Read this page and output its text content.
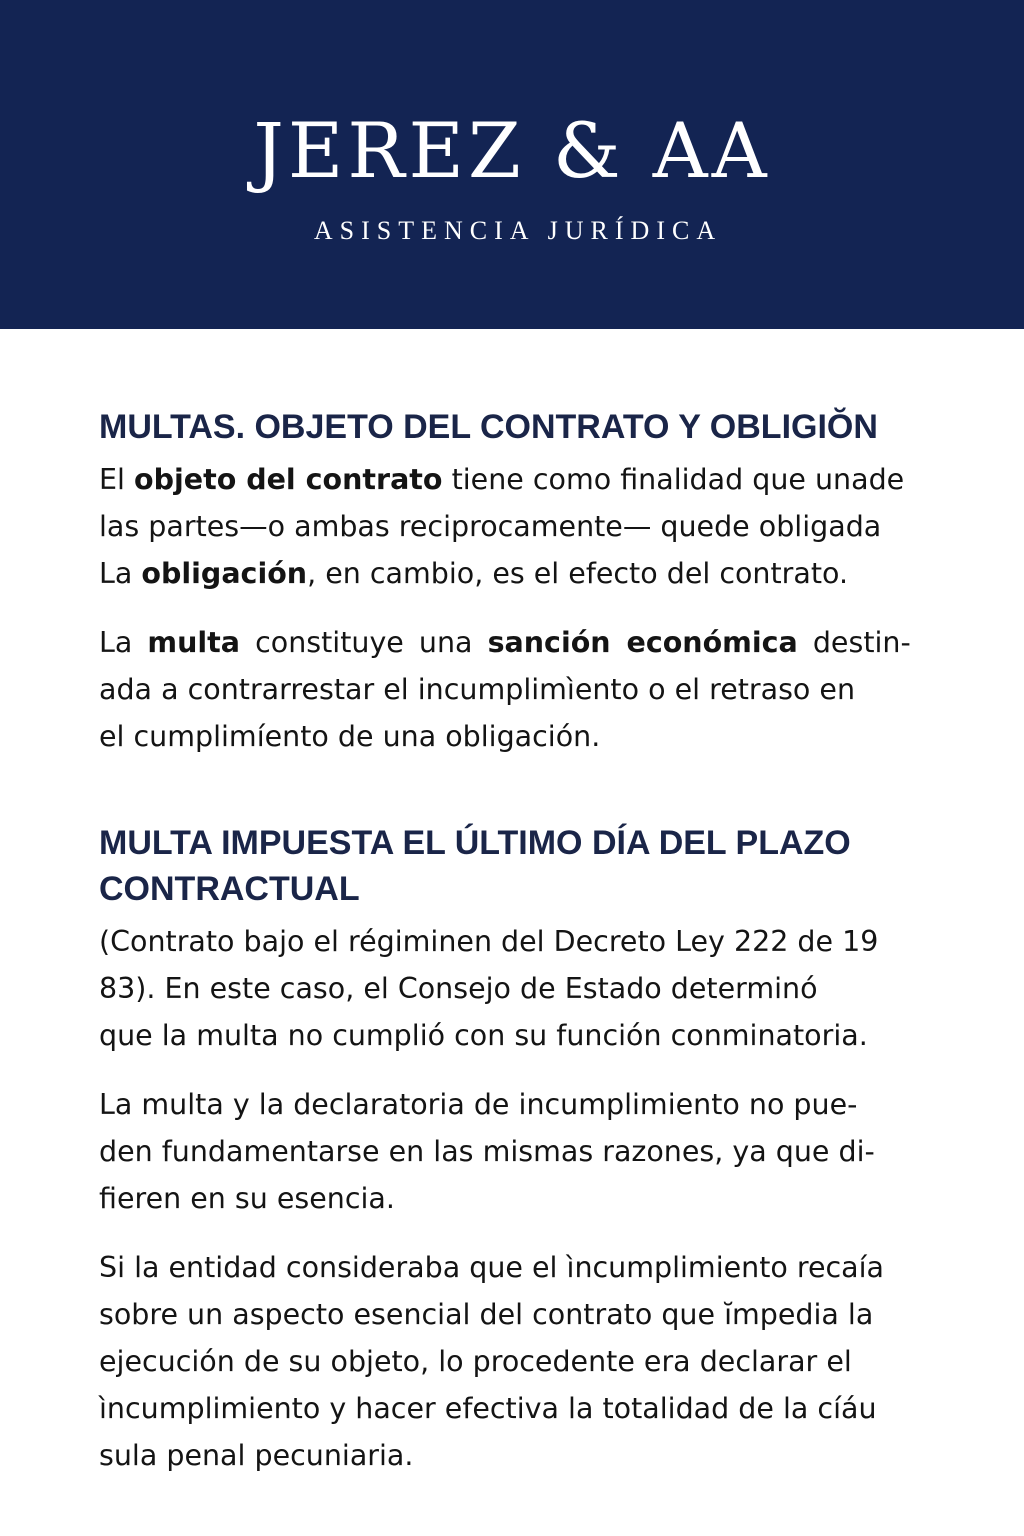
JEREZ & AA
ASISTENCIA JURÍDICA
MULTAS. OBJETO DEL CONTRATO Y OBLIGIŎN

El objeto del contrato tiene como finalidad que unade
las partes—o ambas reciprocamente— quede obligada
La obligación, en cambio, es el efecto del contrato.

La multa constituye una sanción económica destin-
ada a contrarrestar el incumplimìento o el retraso en
el cumplimíento de una obligación.

MULTA IMPUESTA EL ÚLTIMO DÍA DEL PLAZO
CONTRACTUAL

(Contrato bajo el régiminen del Decreto Ley 222 de 19
83). En este caso, el Consejo de Estado determinó
que la multa no cumplió con su función conminatoria.

La multa y la declaratoria de incumplimiento no pue-
den fundamentarse en las mismas razones, ya que di-
fieren en su esencia.

Si la entidad consideraba que el ìncumplimiento recaía
sobre un aspecto esencial del contrato que ĭmpedia la
ejecución de su objeto, lo procedente era declarar el
ìncumplimiento y hacer efectiva la totalidad de la cíáu
sula penal pecuniaria.
